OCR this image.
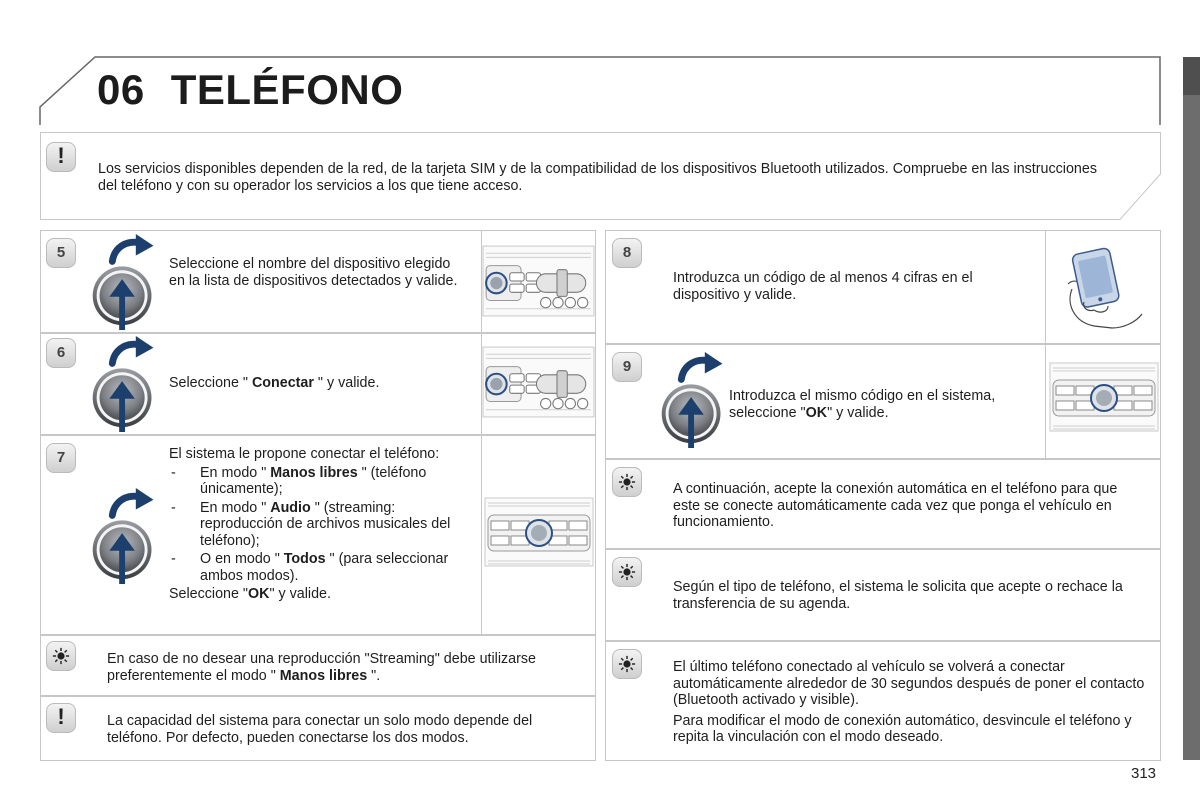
06 TELÉFONO
!
Los servicios disponibles dependen de la red, de la tarjeta SIM y de la compatibilidad de los dispositivos Bluetooth utilizados. Compruebe en las instrucciones del teléfono y con su operador los servicios a los que tiene acceso.
5
Seleccione el nombre del dispositivo elegido en la lista de dispositivos detectados y valide.
6
Seleccione " Conectar " y valide.
7	El sistema le propone conectar el teléfono:

- En modo " Manos libres " (teléfono únicamente);
- En modo " Audio " (streaming: reproducción de archivos musicales del teléfono);
- O en modo " Todos " (para seleccionar ambos modos).

Seleccione "OK" y valide.

En caso de no desear una reproducción "Streaming" debe utilizarse preferentemente el modo " Manos libres ".
!	La capacidad del sistema para conectar un solo modo depende del teléfono. Por defecto, pueden conectarse los dos modos.
8
Introduzca un código de al menos 4 cifras en el dispositivo y valide.
9
Introduzca el mismo código en el sistema, seleccione "OK" y valide.
A continuación, acepte la conexión automática en el teléfono para que este se conecte automáticamente cada vez que ponga el vehículo en funcionamiento.
Según el tipo de teléfono, el sistema le solicita que acepte o rechace la transferencia de su agenda.

El último teléfono conectado al vehículo se volverá a conectar automáticamente alrededor de 30 segundos después de poner el contacto (Bluetooth activado y visible).

Para modificar el modo de conexión automático, desvincule el teléfono y repita la vinculación con el modo deseado.

313
